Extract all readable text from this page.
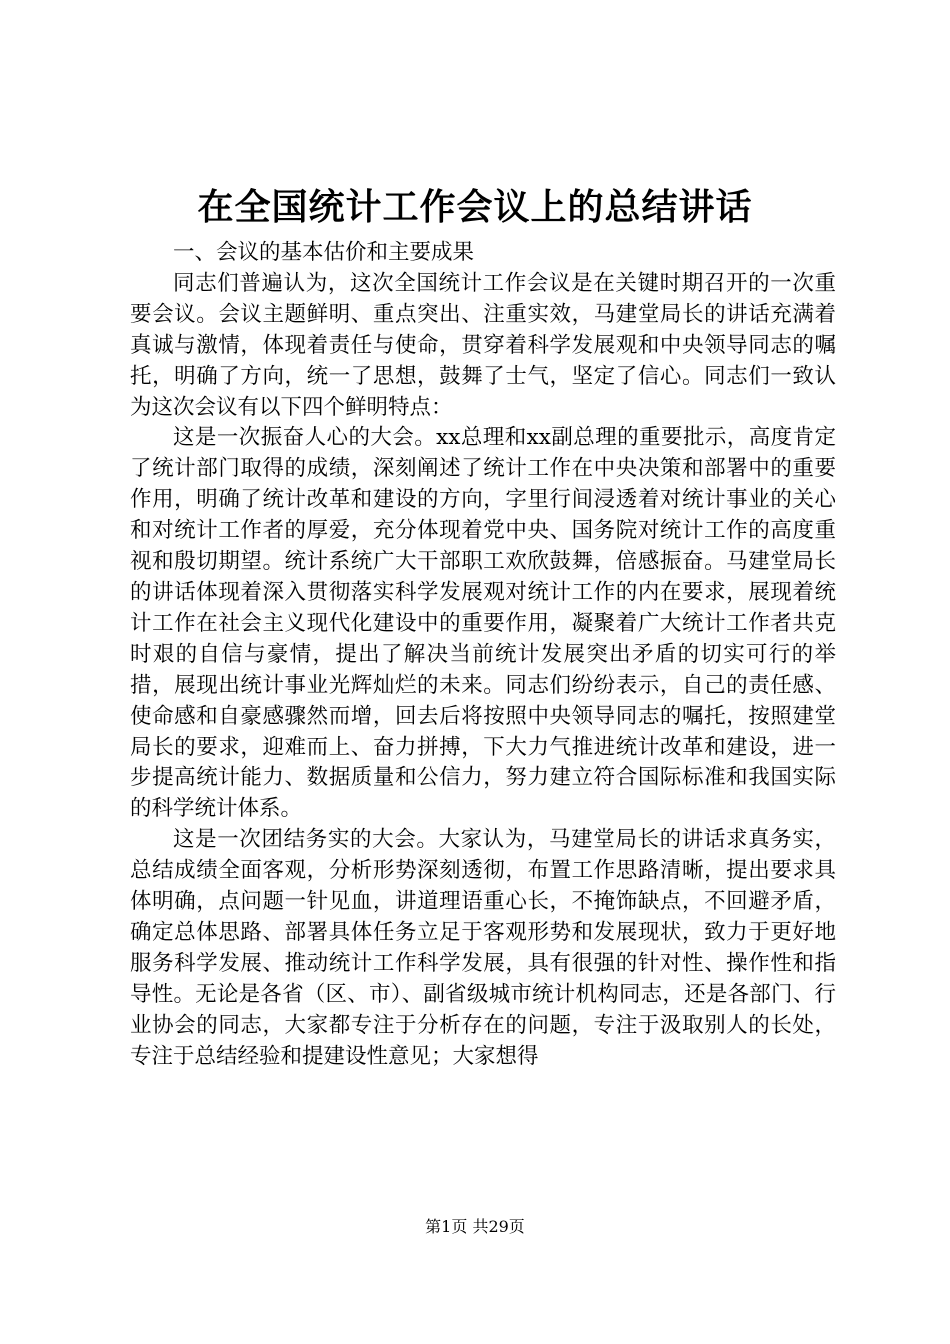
在全国统计工作会议上的总结讲话

一、会议的基本估价和主要成果

同志们普遍认为，这次全国统计工作会议是在关键时期召开的一次重要会议。会议主题鲜明、重点突出、注重实效，马建堂局长的讲话充满着真诚与激情，体现着责任与使命，贯穿着科学发展观和中央领导同志的嘱托，明确了方向，统一了思想，鼓舞了士气，坚定了信心。同志们一致认为这次会议有以下四个鲜明特点：

这是一次振奋人心的大会。xx总理和xx副总理的重要批示，高度肯定了统计部门取得的成绩，深刻阐述了统计工作在中央决策和部署中的重要作用，明确了统计改革和建设的方向，字里行间浸透着对统计事业的关心和对统计工作者的厚爱，充分体现着党中央、国务院对统计工作的高度重视和殷切期望。统计系统广大干部职工欢欣鼓舞，倍感振奋。马建堂局长的讲话体现着深入贯彻落实科学发展观对统计工作的内在要求，展现着统计工作在社会主义现代化建设中的重要作用，凝聚着广大统计工作者共克时艰的自信与豪情，提出了解决当前统计发展突出矛盾的切实可行的举措，展现出统计事业光辉灿烂的未来。同志们纷纷表示，自己的责任感、使命感和自豪感骤然而增，回去后将按照中央领导同志的嘱托，按照建堂局长的要求，迎难而上、奋力拼搏，下大力气推进统计改革和建设，进一步提高统计能力、数据质量和公信力，努力建立符合国际标准和我国实际的科学统计体系。

这是一次团结务实的大会。大家认为，马建堂局长的讲话求真务实，总结成绩全面客观，分析形势深刻透彻，布置工作思路清晰，提出要求具体明确，点问题一针见血，讲道理语重心长，不掩饰缺点，不回避矛盾，确定总体思路、部署具体任务立足于客观形势和发展现状，致力于更好地服务科学发展、推动统计工作科学发展，具有很强的针对性、操作性和指导性。无论是各省（区、市）、副省级城市统计机构同志，还是各部门、行业协会的同志，大家都专注于分析存在的问题，专注于汲取别人的长处，专注于总结经验和提建设性意见；大家想得

第1页 共29页
